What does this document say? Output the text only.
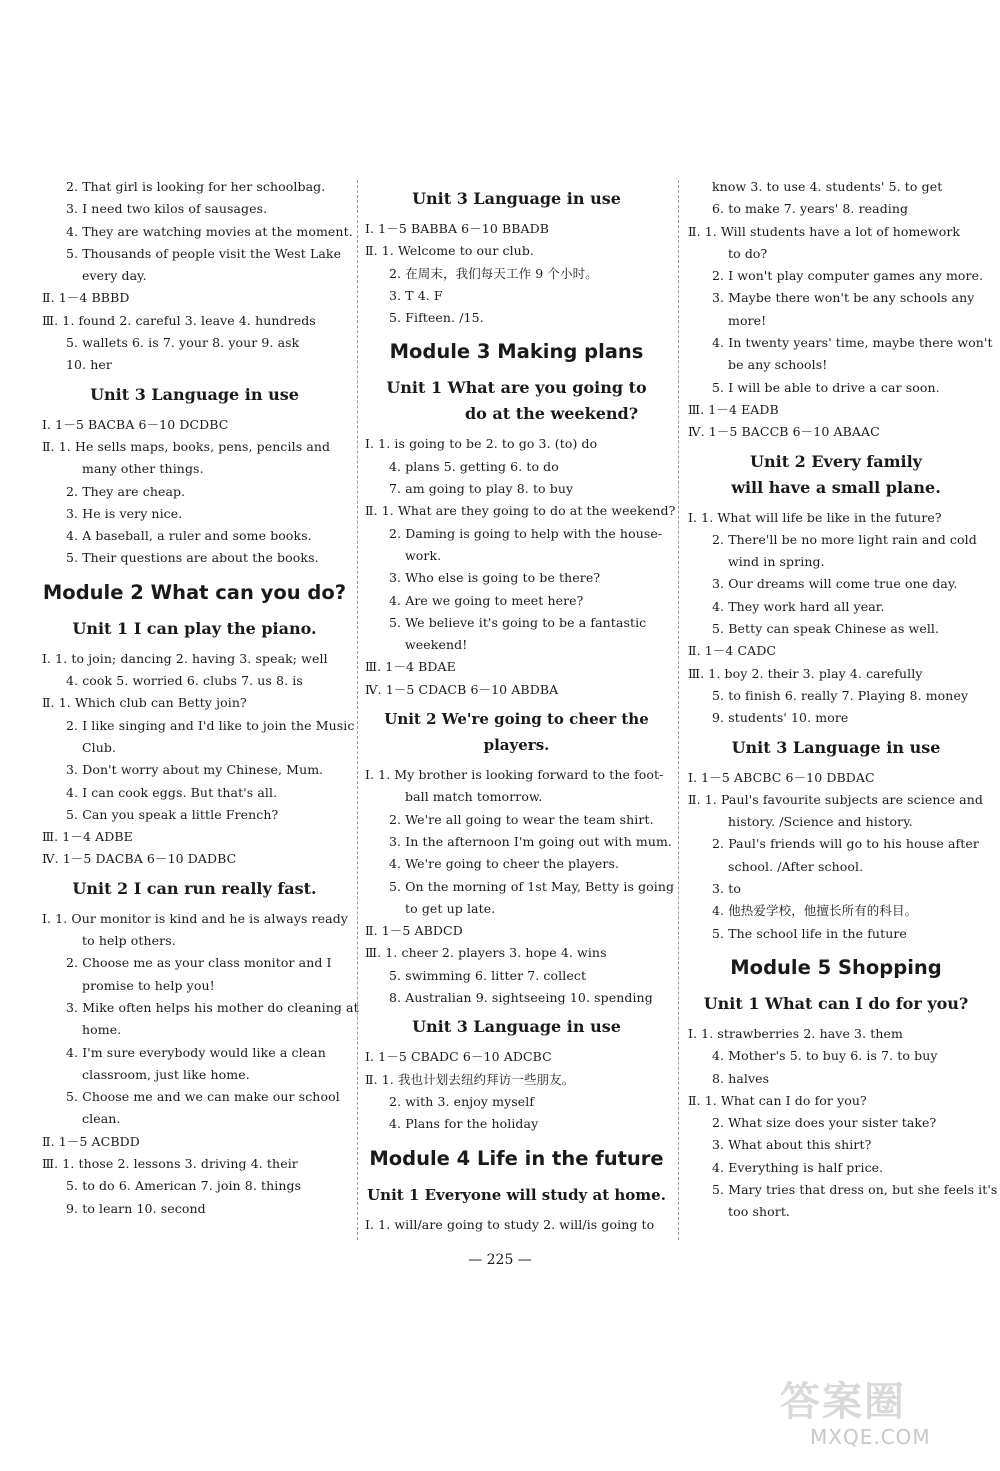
2. That girl is looking for her schoolbag.
3. I need two kilos of sausages.
4. They are watching movies at the moment.
5. Thousands of people visit the West Lake
every day.
Ⅱ. 1－4 BBBD
Ⅲ. 1. found 2. careful 3. leave 4. hundreds
5. wallets 6. is 7. your 8. your 9. ask
10. her
Unit 3 Language in use
Ⅰ. 1－5 BACBA 6－10 DCDBC
Ⅱ. 1. He sells maps, books, pens, pencils and
many other things.
2. They are cheap.
3. He is very nice.
4. A baseball, a ruler and some books.
5. Their questions are about the books.
Module 2 What can you do?
Unit 1 I can play the piano.
Ⅰ. 1. to join; dancing 2. having 3. speak; well
4. cook 5. worried 6. clubs 7. us 8. is
Ⅱ. 1. Which club can Betty join?
2. I like singing and I'd like to join the Music
Club.
3. Don't worry about my Chinese, Mum.
4. I can cook eggs. But that's all.
5. Can you speak a little French?
Ⅲ. 1－4 ADBE
Ⅳ. 1－5 DACBA 6－10 DADBC
Unit 2 I can run really fast.
Ⅰ. 1. Our monitor is kind and he is always ready
to help others.
2. Choose me as your class monitor and I
promise to help you!
3. Mike often helps his mother do cleaning at
home.
4. I'm sure everybody would like a clean
classroom, just like home.
5. Choose me and we can make our school
clean.
Ⅱ. 1－5 ACBDD
Ⅲ. 1. those 2. lessons 3. driving 4. their
5. to do 6. American 7. join 8. things
9. to learn 10. second
Unit 3 Language in use
Ⅰ. 1－5 BABBA 6－10 BBADB
Ⅱ. 1. Welcome to our club.
2. 在周末，我们每天工作 9 个小时。
3. T 4. F
5. Fifteen. /15.
Module 3 Making plans
Unit 1 What are you going to
do at the weekend?
Ⅰ. 1. is going to be 2. to go 3. (to) do
4. plans 5. getting 6. to do
7. am going to play 8. to buy
Ⅱ. 1. What are they going to do at the weekend?
2. Daming is going to help with the house-
work.
3. Who else is going to be there?
4. Are we going to meet here?
5. We believe it's going to be a fantastic
weekend!
Ⅲ. 1－4 BDAE
Ⅳ. 1－5 CDACB 6－10 ABDBA
Unit 2 We're going to cheer the players.
Ⅰ. 1. My brother is looking forward to the foot-
ball match tomorrow.
2. We're all going to wear the team shirt.
3. In the afternoon I'm going out with mum.
4. We're going to cheer the players.
5. On the morning of 1st May, Betty is going
to get up late.
Ⅱ. 1－5 ABDCD
Ⅲ. 1. cheer 2. players 3. hope 4. wins
5. swimming 6. litter 7. collect
8. Australian 9. sightseeing 10. spending
Unit 3 Language in use
Ⅰ. 1－5 CBADC 6－10 ADCBC
Ⅱ. 1. 我也计划去纽约拜访一些朋友。
2. with 3. enjoy myself
4. Plans for the holiday
Module 4 Life in the future
Unit 1 Everyone will study at home.
Ⅰ. 1. will/are going to study 2. will/is going to
know 3. to use 4. students' 5. to get
6. to make 7. years' 8. reading
Ⅱ. 1. Will students have a lot of homework
to do?
2. I won't play computer games any more.
3. Maybe there won't be any schools any
more!
4. In twenty years' time, maybe there won't
be any schools!
5. I will be able to drive a car soon.
Ⅲ. 1－4 EADB
Ⅳ. 1－5 BACCB 6－10 ABAAC
Unit 2 Every family
will have a small plane.
Ⅰ. 1. What will life be like in the future?
2. There'll be no more light rain and cold
wind in spring.
3. Our dreams will come true one day.
4. They work hard all year.
5. Betty can speak Chinese as well.
Ⅱ. 1－4 CADC
Ⅲ. 1. boy 2. their 3. play 4. carefully
5. to finish 6. really 7. Playing 8. money
9. students' 10. more
Unit 3 Language in use
Ⅰ. 1－5 ABCBC 6－10 DBDAC
Ⅱ. 1. Paul's favourite subjects are science and
history. /Science and history.
2. Paul's friends will go to his house after
school. /After school.
3. to
4. 他热爱学校，他擅长所有的科目。
5. The school life in the future
Module 5 Shopping
Unit 1 What can I do for you?
Ⅰ. 1. strawberries 2. have 3. them
4. Mother's 5. to buy 6. is 7. to buy
8. halves
Ⅱ. 1. What can I do for you?
2. What size does your sister take?
3. What about this shirt?
4. Everything is half price.
5. Mary tries that dress on, but she feels it's
too short.
— 225 —
答案圈
MXQE.COM
